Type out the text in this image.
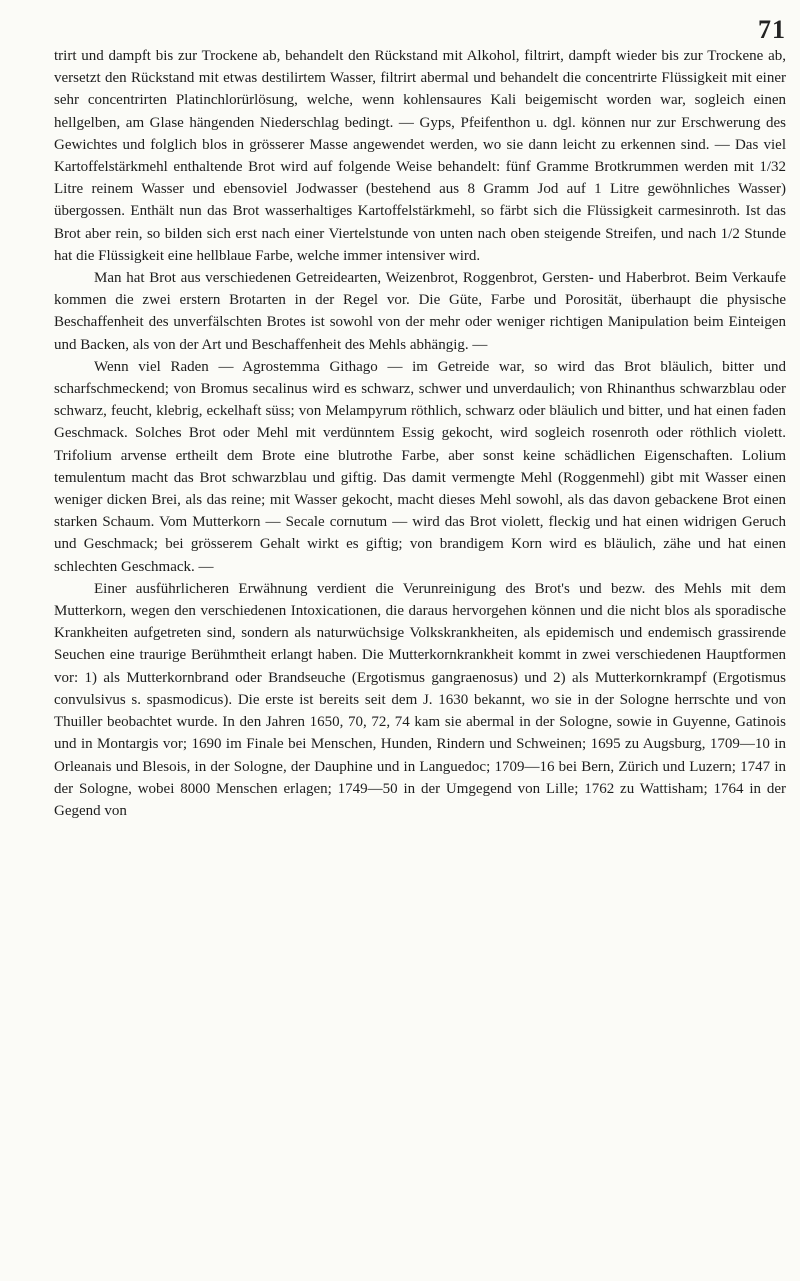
71

trirt und dampft bis zur Trockene ab, behandelt den Rückstand mit Alkohol, filtrirt, dampft wieder bis zur Trockene ab, versetzt den Rückstand mit etwas destilirtem Wasser, filtrirt abermal und behandelt die concentrirte Flüssigkeit mit einer sehr concentrirten Platinchlorürlösung, welche, wenn kohlensaures Kali beigemischt worden war, sogleich einen hellgelben, am Glase hängenden Niederschlag bedingt. — Gyps, Pfeifenthon u. dgl. können nur zur Erschwerung des Gewichtes und folglich blos in grösserer Masse angewendet werden, wo sie dann leicht zu erkennen sind. — Das viel Kartoffelstärkmehl enthaltende Brot wird auf folgende Weise behandelt: fünf Gramme Brotkrummen werden mit 1/32 Litre reinem Wasser und ebensoviel Jodwasser (bestehend aus 8 Gramm Jod auf 1 Litre gewöhnliches Wasser) übergossen. Enthält nun das Brot wasserhaltiges Kartoffelstärkmehl, so färbt sich die Flüssigkeit carmesinroth. Ist das Brot aber rein, so bilden sich erst nach einer Viertelstunde von unten nach oben steigende Streifen, und nach 1/2 Stunde hat die Flüssigkeit eine hellblaue Farbe, welche immer intensiver wird.

Man hat Brot aus verschiedenen Getreidearten, Weizenbrot, Roggenbrot, Gersten- und Haberbrot. Beim Verkaufe kommen die zwei erstern Brotarten in der Regel vor. Die Güte, Farbe und Porosität, überhaupt die physische Beschaffenheit des unverfälschten Brotes ist sowohl von der mehr oder weniger richtigen Manipulation beim Einteigen und Backen, als von der Art und Beschaffenheit des Mehls abhängig. —

Wenn viel Raden — Agrostemma Githago — im Getreide war, so wird das Brot bläulich, bitter und scharfschmeckend; von Bromus secalinus wird es schwarz, schwer und unverdaulich; von Rhinanthus schwarzblau oder schwarz, feucht, klebrig, eckelhaft süss; von Melampyrum röthlich, schwarz oder bläulich und bitter, und hat einen faden Geschmack. Solches Brot oder Mehl mit verdünntem Essig gekocht, wird sogleich rosenroth oder röthlich violett. Trifolium arvense ertheilt dem Brote eine blutrothe Farbe, aber sonst keine schädlichen Eigenschaften. Lolium temulentum macht das Brot schwarzblau und giftig. Das damit vermengte Mehl (Roggenmehl) gibt mit Wasser einen weniger dicken Brei, als das reine; mit Wasser gekocht, macht dieses Mehl sowohl, als das davon gebackene Brot einen starken Schaum. Vom Mutterkorn — Secale cornutum — wird das Brot violett, fleckig und hat einen widrigen Geruch und Geschmack; bei grösserem Gehalt wirkt es giftig; von brandigem Korn wird es bläulich, zähe und hat einen schlechten Geschmack. —

Einer ausführlicheren Erwähnung verdient die Verunreinigung des Brot's und bezw. des Mehls mit dem Mutterkorn, wegen den verschiedenen Intoxicationen, die daraus hervorgehen können und die nicht blos als sporadische Krankheiten aufgetreten sind, sondern als naturwüchsige Volkskrankheiten, als epidemisch und endemisch grassirende Seuchen eine traurige Berühmtheit erlangt haben. Die Mutterkornkrankheit kommt in zwei verschiedenen Hauptformen vor: 1) als Mutterkornbrand oder Brandseuche (Ergotismus gangraenosus) und 2) als Mutterkornkrampf (Ergotismus convulsivus s. spasmodicus). Die erste ist bereits seit dem J. 1630 bekannt, wo sie in der Sologne herrschte und von Thuiller beobachtet wurde. In den Jahren 1650, 70, 72, 74 kam sie abermal in der Sologne, sowie in Guyenne, Gatinois und in Montargis vor; 1690 im Finale bei Menschen, Hunden, Rindern und Schweinen; 1695 zu Augsburg, 1709—10 in Orleanais und Blesois, in der Sologne, der Dauphine und in Languedoc; 1709—16 bei Bern, Zürich und Luzern; 1747 in der Sologne, wobei 8000 Menschen erlagen; 1749—50 in der Umgegend von Lille; 1762 zu Wattisham; 1764 in der Gegend von
